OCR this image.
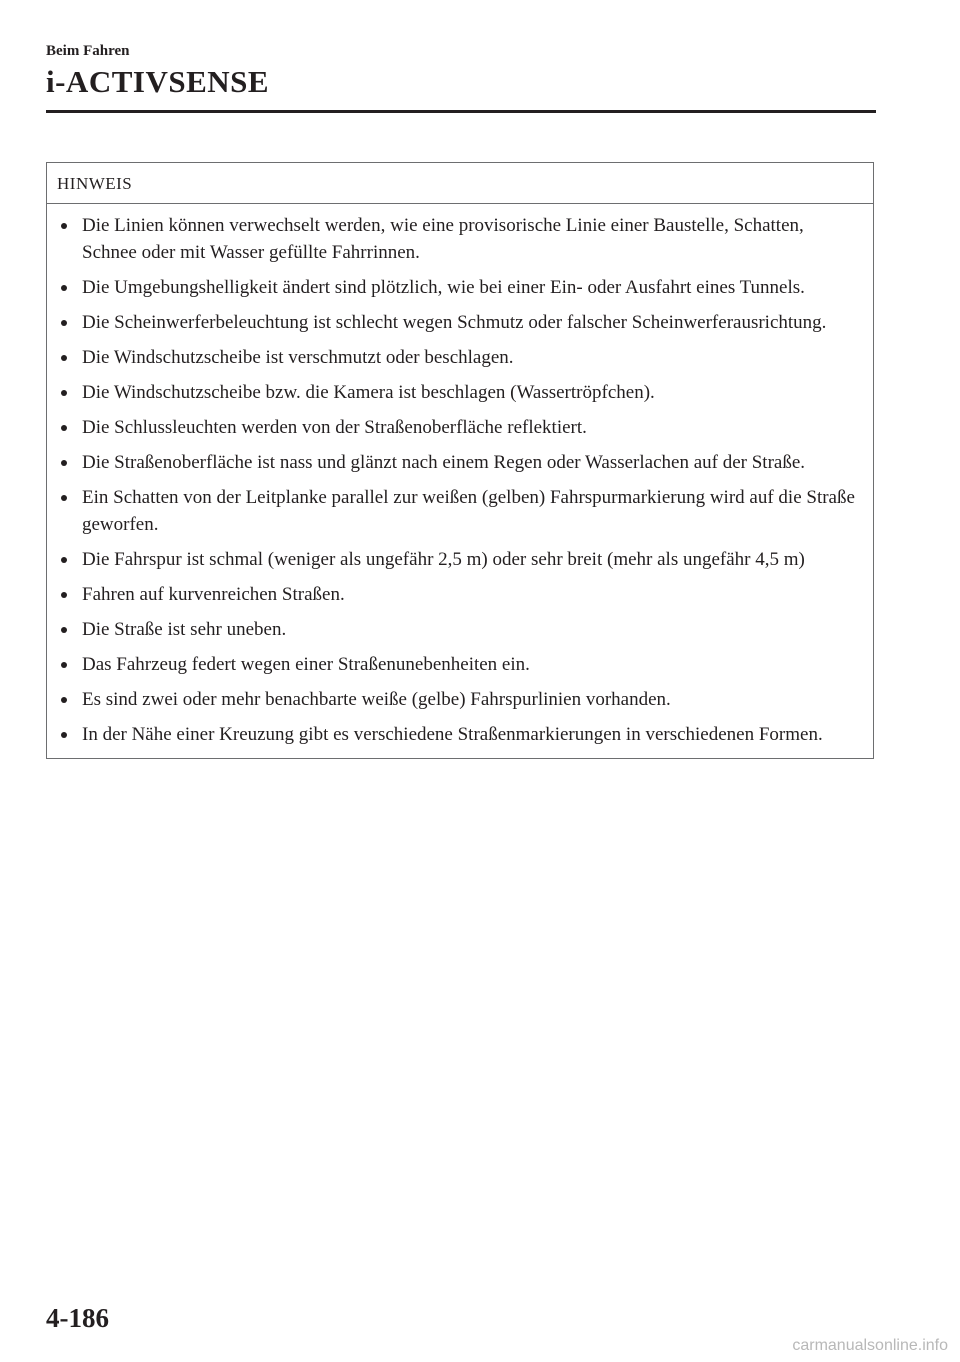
Beim Fahren
i-ACTIVSENSE
HINWEIS
Die Linien können verwechselt werden, wie eine provisorische Linie einer Baustelle, Schatten, Schnee oder mit Wasser gefüllte Fahrrinnen.
Die Umgebungshelligkeit ändert sind plötzlich, wie bei einer Ein- oder Ausfahrt eines Tunnels.
Die Scheinwerferbeleuchtung ist schlecht wegen Schmutz oder falscher Scheinwerferausrichtung.
Die Windschutzscheibe ist verschmutzt oder beschlagen.
Die Windschutzscheibe bzw. die Kamera ist beschlagen (Wassertröpfchen).
Die Schlussleuchten werden von der Straßenoberfläche reflektiert.
Die Straßenoberfläche ist nass und glänzt nach einem Regen oder Wasserlachen auf der Straße.
Ein Schatten von der Leitplanke parallel zur weißen (gelben) Fahrspurmarkierung wird auf die Straße geworfen.
Die Fahrspur ist schmal (weniger als ungefähr 2,5 m) oder sehr breit (mehr als ungefähr 4,5 m)
Fahren auf kurvenreichen Straßen.
Die Straße ist sehr uneben.
Das Fahrzeug federt wegen einer Straßenunebenheiten ein.
Es sind zwei oder mehr benachbarte weiße (gelbe) Fahrspurlinien vorhanden.
In der Nähe einer Kreuzung gibt es verschiedene Straßenmarkierungen in verschiedenen Formen.
4-186
carmanualsonline.info
